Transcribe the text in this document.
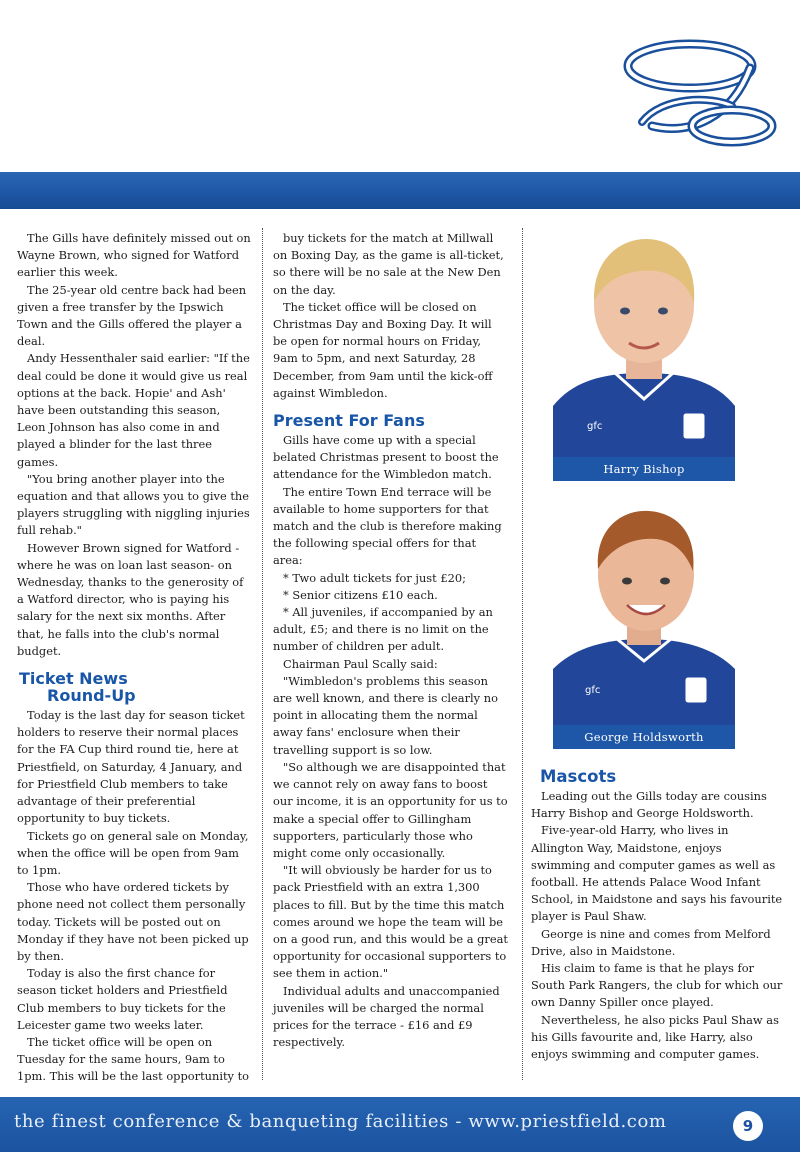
The Gills have definitely missed out on Wayne Brown, who signed for Watford earlier this week.

The 25-year old centre back had been given a free transfer by the Ipswich Town and the Gills offered the player a deal.

Andy Hessenthaler said earlier: "If the deal could be done it would give us real options at the back. Hopie' and Ash' have been outstanding this season, Leon Johnson has also come in and played a blinder for the last three games.

"You bring another player into the equation and that allows you to give the players struggling with niggling injuries full rehab."

However Brown signed for Watford - where he was on loan last season- on Wednesday, thanks to the generosity of a Watford director, who is paying his salary for the next six months. After that, he falls into the club's normal budget.

Ticket News
Round-Up

Today is the last day for season ticket holders to reserve their normal places for the FA Cup third round tie, here at Priestfield, on Saturday, 4 January, and for Priestfield Club members to take advantage of their preferential opportunity to buy tickets.

Tickets go on general sale on Monday, when the office will be open from 9am to 1pm.

Those who have ordered tickets by phone need not collect them personally today. Tickets will be posted out on Monday if they have not been picked up by then.

Today is also the first chance for season ticket holders and Priestfield Club members to buy tickets for the Leicester game two weeks later.

The ticket office will be open on Tuesday for the same hours, 9am to 1pm. This will be the last opportunity to

buy tickets for the match at Millwall on Boxing Day, as the game is all-ticket, so there will be no sale at the New Den on the day.

The ticket office will be closed on Christmas Day and Boxing Day. It will be open for normal hours on Friday, 9am to 5pm, and next Saturday, 28 December, from 9am until the kick-off against Wimbledon.

Present For Fans

Gills have come up with a special belated Christmas present to boost the attendance for the Wimbledon match.

The entire Town End terrace will be available to home supporters for that match and the club is therefore making the following special offers for that area:

* Two adult tickets for just £20;

* Senior citizens £10 each.

* All juveniles, if accompanied by an adult, £5; and there is no limit on the number of children per adult.

Chairman Paul Scally said:

"Wimbledon's problems this season are well known, and there is clearly no point in allocating them the normal away fans' enclosure when their travelling support is so low.

"So although we are disappointed that we cannot rely on away fans to boost our income, it is an opportunity for us to make a special offer to Gillingham supporters, particularly those who might come only occasionally.

"It will obviously be harder for us to pack Priestfield with an extra 1,300 places to fill. But by the time this match comes around we hope the team will be on a good run, and this would be a great opportunity for occasional supporters to see them in action."

Individual adults and unaccompanied juveniles will be charged the normal prices for the terrace - £16 and £9 respectively.

gfc
Harry Bishop
gfc
George Holdsworth
Mascots

Leading out the Gills today are cousins Harry Bishop and George Holdsworth.

Five-year-old Harry, who lives in Allington Way, Maidstone, enjoys swimming and computer games as well as football. He attends Palace Wood Infant School, in Maidstone and says his favourite player is Paul Shaw.

George is nine and comes from Melford Drive, also in Maidstone.

His claim to fame is that he plays for South Park Rangers, the club for which our own Danny Spiller once played.

Nevertheless, he also picks Paul Shaw as his Gills favourite and, like Harry, also enjoys swimming and computer games.

the finest conference & banqueting facilities - www.priestfield.com	9
